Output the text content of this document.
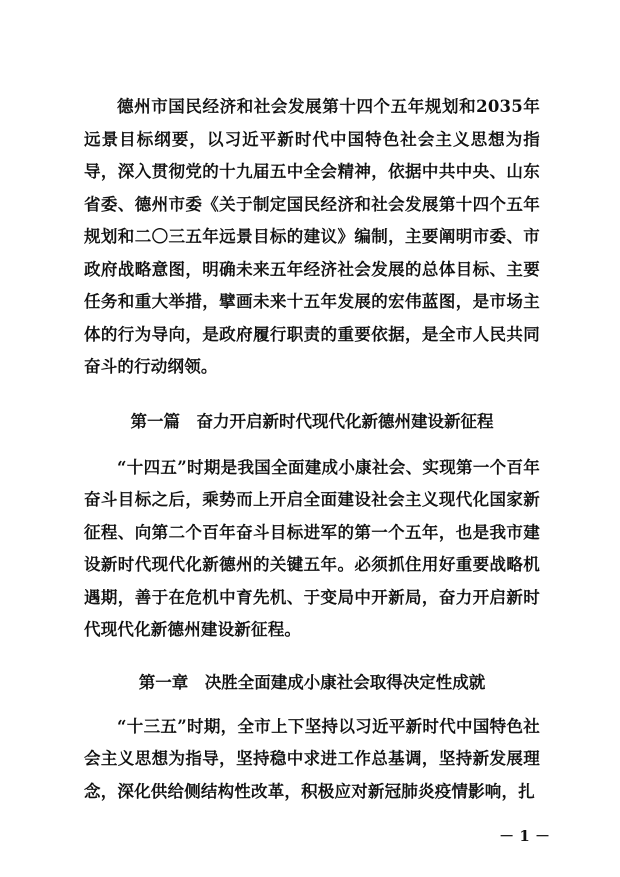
德州市国民经济和社会发展第十四个五年规划和2035年远景目标纲要，以习近平新时代中国特色社会主义思想为指导，深入贯彻党的十九届五中全会精神，依据中共中央、山东省委、德州市委《关于制定国民经济和社会发展第十四个五年规划和二〇三五年远景目标的建议》编制，主要阐明市委、市政府战略意图，明确未来五年经济社会发展的总体目标、主要任务和重大举措，擘画未来十五年发展的宏伟蓝图，是市场主体的行为导向，是政府履行职责的重要依据，是全市人民共同奋斗的行动纲领。

第一篇　奋力开启新时代现代化新德州建设新征程

“十四五”时期是我国全面建成小康社会、实现第一个百年奋斗目标之后，乘势而上开启全面建设社会主义现代化国家新征程、向第二个百年奋斗目标进军的第一个五年，也是我市建设新时代现代化新德州的关键五年。必须抓住用好重要战略机遇期，善于在危机中育先机、于变局中开新局，奋力开启新时代现代化新德州建设新征程。

第一章　决胜全面建成小康社会取得决定性成就

“十三五”时期，全市上下坚持以习近平新时代中国特色社会主义思想为指导，坚持稳中求进工作总基调，坚持新发展理念，深化供给侧结构性改革，积极应对新冠肺炎疫情影响，扎

－ 1 －
